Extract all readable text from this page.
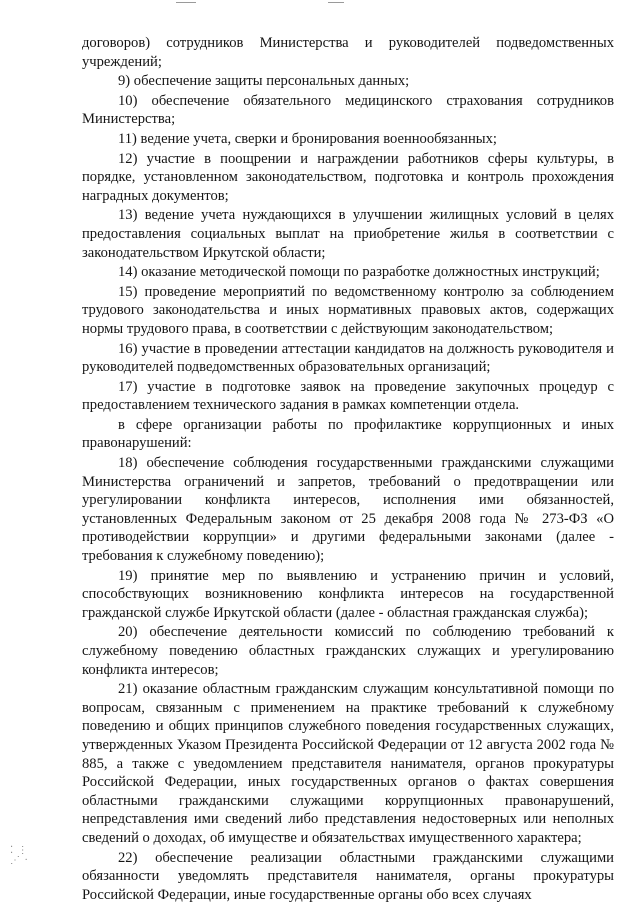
договоров) сотрудников Министерства и руководителей подведомственных учреждений;

9) обеспечение защиты персональных данных;

10) обеспечение обязательного медицинского страхования сотрудников Министерства;

11) ведение учета, сверки и бронирования военнообязанных;

12) участие в поощрении и награждении работников сферы культуры, в порядке, установленном законодательством, подготовка и контроль прохождения наградных документов;

13) ведение учета нуждающихся в улучшении жилищных условий в целях предоставления социальных выплат на приобретение жилья в соответствии с законодательством Иркутской области;

14) оказание методической помощи по разработке должностных инструкций;

15) проведение мероприятий по ведомственному контролю за соблюдением трудового законодательства и иных нормативных правовых актов, содержащих нормы трудового права, в соответствии с действующим законодательством;

16) участие в проведении аттестации кандидатов на должность руководителя и руководителей подведомственных образовательных организаций;

17) участие в подготовке заявок на проведение закупочных процедур с предоставлением технического задания в рамках компетенции отдела.

в сфере организации работы по профилактике коррупционных и иных правонарушений:

18) обеспечение соблюдения государственными гражданскими служащими Министерства ограничений и запретов, требований о предотвращении или урегулировании конфликта интересов, исполнения ими обязанностей, установленных Федеральным законом от 25 декабря 2008 года № 273-ФЗ «О противодействии коррупции» и другими федеральными законами (далее - требования к служебному поведению);

19) принятие мер по выявлению и устранению причин и условий, способствующих возникновению конфликта интересов на государственной гражданской службе Иркутской области (далее - областная гражданская служба);

20) обеспечение деятельности комиссий по соблюдению требований к служебному поведению областных гражданских служащих и урегулированию конфликта интересов;

21) оказание областным гражданским служащим консультативной помощи по вопросам, связанным с применением на практике требований к служебному поведению и общих принципов служебного поведения государственных служащих, утвержденных Указом Президента Российской Федерации от 12 августа 2002 года № 885, а также с уведомлением представителя нанимателя, органов прокуратуры Российской Федерации, иных государственных органов о фактах совершения областными гражданскими служащими коррупционных правонарушений, непредставления ими сведений либо представления недостоверных или неполных сведений о доходах, об имуществе и обязательствах имущественного характера;

22) обеспечение реализации областными гражданскими служащими обязанности уведомлять представителя нанимателя, органы прокуратуры Российской Федерации, иные государственные органы обо всех случаях

⁚ ⋮
⋰ ·
